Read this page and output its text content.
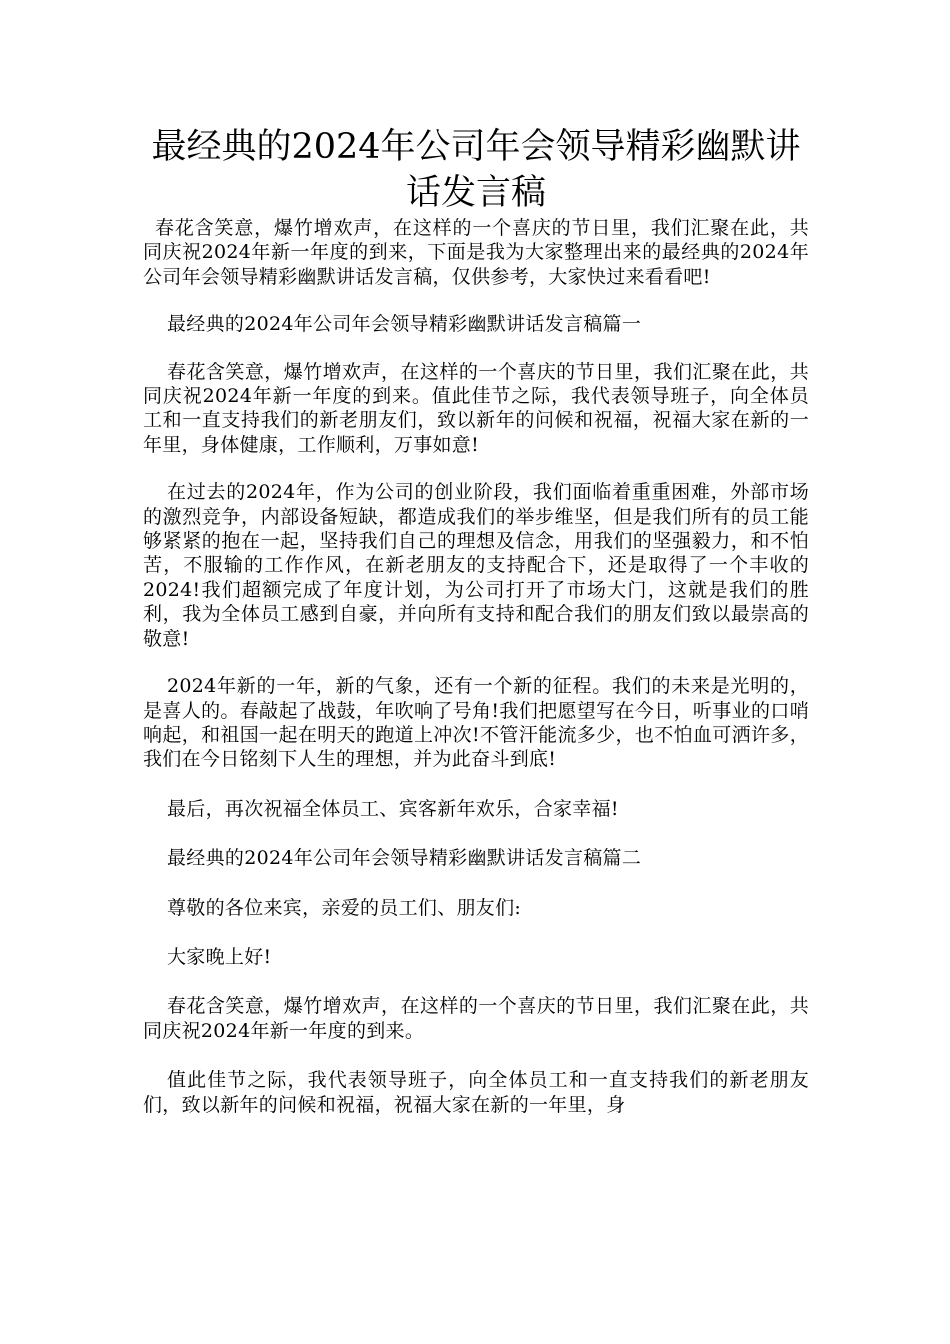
最经典的2024年公司年会领导精彩幽默讲话发言稿

春花含笑意，爆竹增欢声，在这样的一个喜庆的节日里，我们汇聚在此，共同庆祝2024年新一年度的到来，下面是我为大家整理出来的最经典的2024年公司年会领导精彩幽默讲话发言稿，仅供参考，大家快过来看看吧!

最经典的2024年公司年会领导精彩幽默讲话发言稿篇一

春花含笑意，爆竹增欢声，在这样的一个喜庆的节日里，我们汇聚在此，共同庆祝2024年新一年度的到来。值此佳节之际，我代表领导班子，向全体员工和一直支持我们的新老朋友们，致以新年的问候和祝福，祝福大家在新的一年里，身体健康，工作顺利，万事如意!

在过去的2024年，作为公司的创业阶段，我们面临着重重困难，外部市场的激烈竞争，内部设备短缺，都造成我们的举步维坚，但是我们所有的员工能够紧紧的抱在一起，坚持我们自己的理想及信念，用我们的坚强毅力，和不怕苦，不服输的工作作风，在新老朋友的支持配合下，还是取得了一个丰收的2024!我们超额完成了年度计划，为公司打开了市场大门，这就是我们的胜利，我为全体员工感到自豪，并向所有支持和配合我们的朋友们致以最崇高的敬意!

2024年新的一年，新的气象，还有一个新的征程。我们的未来是光明的，是喜人的。春敲起了战鼓，年吹响了号角!我们把愿望写在今日，听事业的口哨响起，和祖国一起在明天的跑道上冲次!不管汗能流多少，也不怕血可洒许多，我们在今日铭刻下人生的理想，并为此奋斗到底!

最后，再次祝福全体员工、宾客新年欢乐，合家幸福!

最经典的2024年公司年会领导精彩幽默讲话发言稿篇二

尊敬的各位来宾，亲爱的员工们、朋友们:

大家晚上好!

春花含笑意，爆竹增欢声，在这样的一个喜庆的节日里，我们汇聚在此，共同庆祝2024年新一年度的到来。

值此佳节之际，我代表领导班子，向全体员工和一直支持我们的新老朋友们，致以新年的问候和祝福，祝福大家在新的一年里，身
